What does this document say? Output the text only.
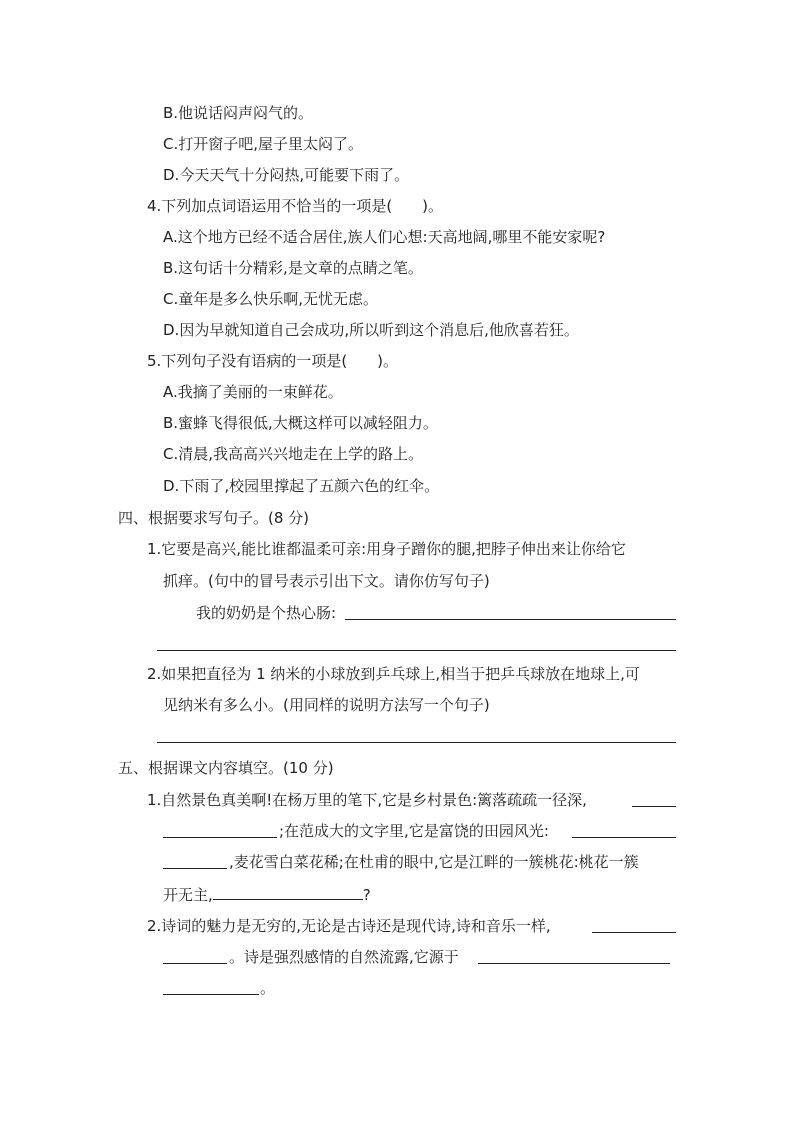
B.他说话闷声闷气的。
C.打开窗子吧,屋子里太闷了。
D.今天天气十分闷热,可能要下雨了。
4.下列加点词语运用不恰当的一项是( )。
A.这个地方已经不适合居住,族人们心想:天高地阔,哪里不能安家呢?
B.这句话十分精彩,是文章的点睛之笔。
C.童年是多么快乐啊,无忧无虑。
D.因为早就知道自己会成功,所以听到这个消息后,他欣喜若狂。
5.下列句子没有语病的一项是( )。
A.我摘了美丽的一束鲜花。
B.蜜蜂飞得很低,大概这样可以减轻阻力。
C.清晨,我高高兴兴地走在上学的路上。
D.下雨了,校园里撑起了五颜六色的红伞。
四、根据要求写句子。(8 分)
1.它要是高兴,能比谁都温柔可亲:用身子蹭你的腿,把脖子伸出来让你给它
抓痒。(句中的冒号表示引出下文。请你仿写句子)
我的奶奶是个热心肠:
2.如果把直径为 1 纳米的小球放到乒乓球上,相当于把乒乓球放在地球上,可
见纳米有多么小。(用同样的说明方法写一个句子)
五、根据课文内容填空。(10 分)
1.自然景色真美啊!在杨万里的笔下,它是乡村景色:篱落疏疏一径深,
;在范成大的文字里,它是富饶的田园风光:
,麦花雪白菜花稀;在杜甫的眼中,它是江畔的一簇桃花:桃花一簇
开无主,	?
2.诗词的魅力是无穷的,无论是古诗还是现代诗,诗和音乐一样,
。诗是强烈感情的自然流露,它源于
。
